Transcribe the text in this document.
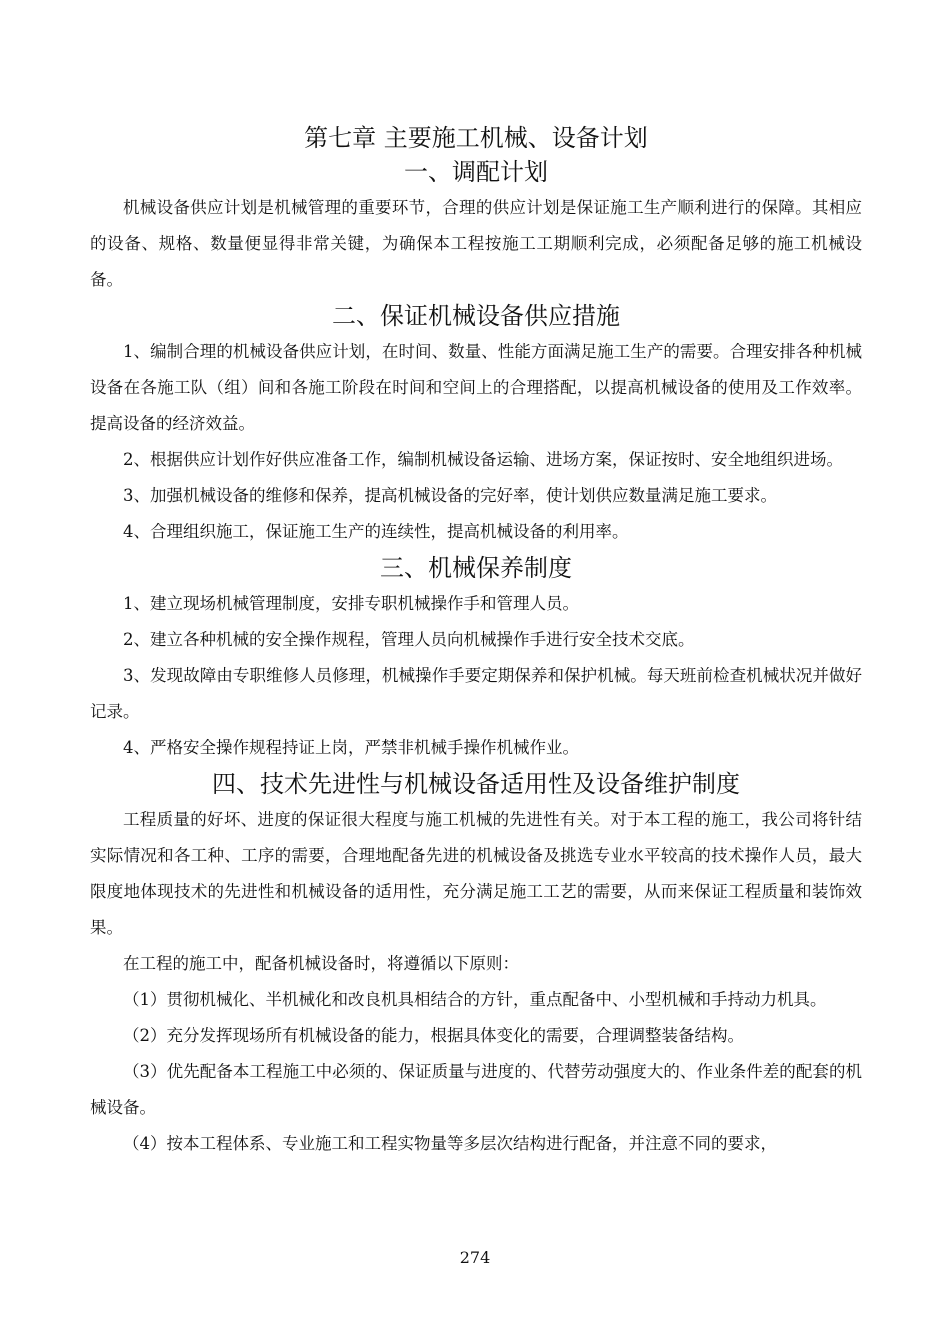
第七章 主要施工机械、设备计划
一、调配计划

机械设备供应计划是机械管理的重要环节，合理的供应计划是保证施工生产顺利进行的保障。其相应的设备、规格、数量便显得非常关键，为确保本工程按施工工期顺利完成，必须配备足够的施工机械设备。

二、保证机械设备供应措施

1、编制合理的机械设备供应计划，在时间、数量、性能方面满足施工生产的需要。合理安排各种机械设备在各施工队（组）间和各施工阶段在时间和空间上的合理搭配，以提高机械设备的使用及工作效率。提高设备的经济效益。

2、根据供应计划作好供应准备工作，编制机械设备运输、进场方案，保证按时、安全地组织进场。

3、加强机械设备的维修和保养，提高机械设备的完好率，使计划供应数量满足施工要求。

4、合理组织施工，保证施工生产的连续性，提高机械设备的利用率。

三、机械保养制度

1、建立现场机械管理制度，安排专职机械操作手和管理人员。

2、建立各种机械的安全操作规程，管理人员向机械操作手进行安全技术交底。

3、发现故障由专职维修人员修理，机械操作手要定期保养和保护机械。每天班前检查机械状况并做好记录。

4、严格安全操作规程持证上岗，严禁非机械手操作机械作业。

四、技术先进性与机械设备适用性及设备维护制度

工程质量的好坏、进度的保证很大程度与施工机械的先进性有关。对于本工程的施工，我公司将针结实际情况和各工种、工序的需要，合理地配备先进的机械设备及挑选专业水平较高的技术操作人员，最大限度地体现技术的先进性和机械设备的适用性，充分满足施工工艺的需要，从而来保证工程质量和装饰效果。

在工程的施工中，配备机械设备时，将遵循以下原则：

（1）贯彻机械化、半机械化和改良机具相结合的方针，重点配备中、小型机械和手持动力机具。

（2）充分发挥现场所有机械设备的能力，根据具体变化的需要，合理调整装备结构。

（3）优先配备本工程施工中必须的、保证质量与进度的、代替劳动强度大的、作业条件差的配套的机械设备。

（4）按本工程体系、专业施工和工程实物量等多层次结构进行配备，并注意不同的要求，

274
